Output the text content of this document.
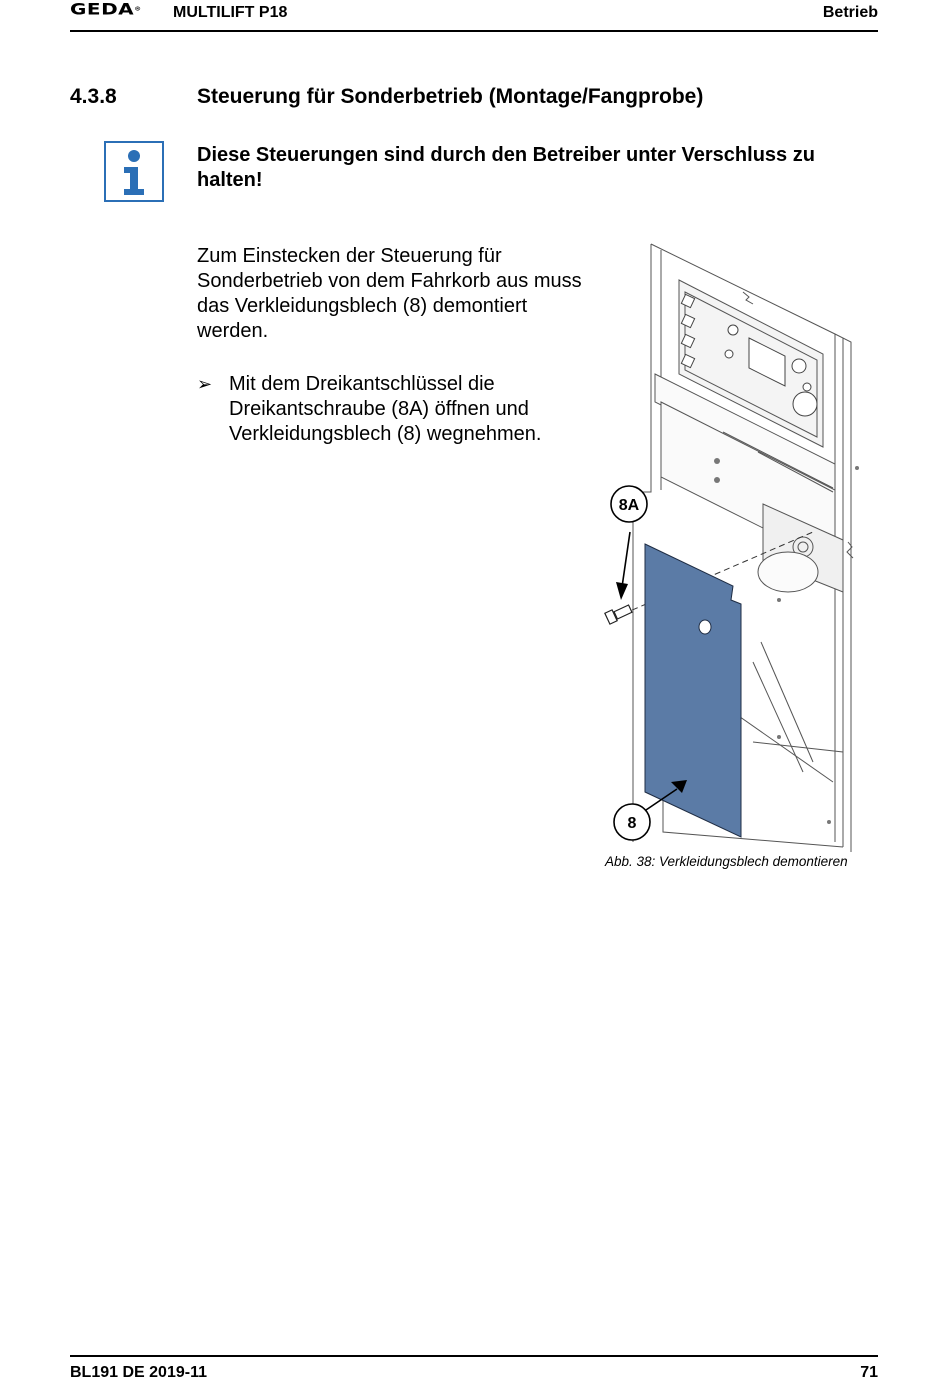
GEDA® MULTILIFT P18	Betrieb
4.3.8	Steuerung für Sonderbetrieb (Montage/Fangprobe)
Diese Steuerungen sind durch den Betreiber unter Verschluss zu halten!

Zum Einstecken der Steuerung für Sonderbetrieb von dem Fahrkorb aus muss das Verkleidungsblech (8) demontiert werden.

➢ Mit dem Dreikantschlüssel die Dreikantschraube (8A) öffnen und Verkleidungsblech (8) wegnehmen.
8A
8
Abb. 38: Verkleidungsblech demontieren
BL191 DE 2019-11	71
